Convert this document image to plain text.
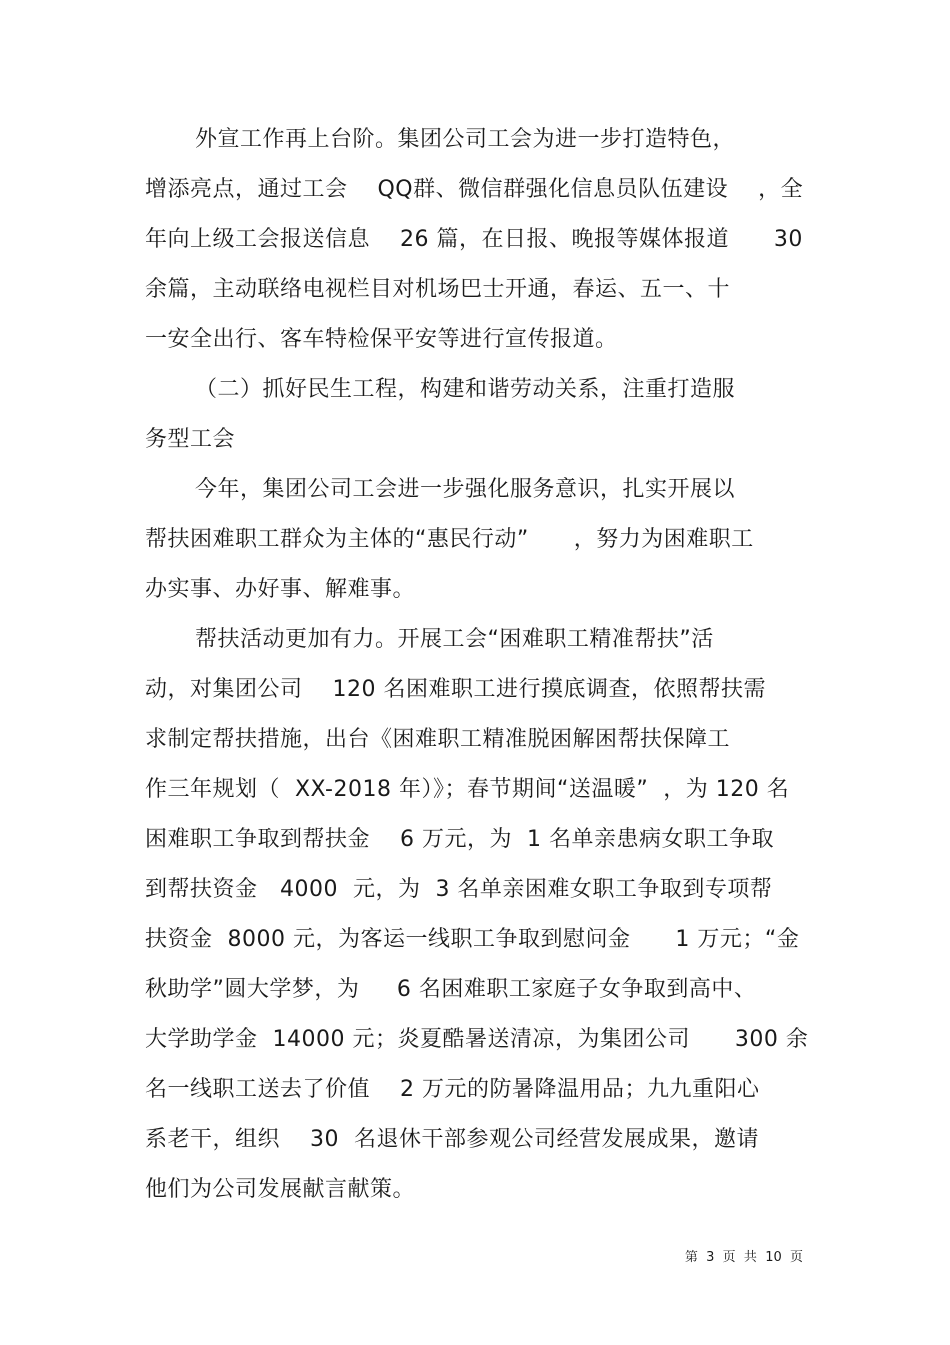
外宣工作再上台阶。集团公司工会为进一步打造特色，
增添亮点，通过工会    QQ群、微信群强化信息员队伍建设    ，全
年向上级工会报送信息    26 篇，在日报、晚报等媒体报道      30
余篇，主动联络电视栏目对机场巴士开通，春运、五一、十
一安全出行、客车特检保平安等进行宣传报道。
（二）抓好民生工程，构建和谐劳动关系，注重打造服
务型工会
今年，集团公司工会进一步强化服务意识，扎实开展以
帮扶困难职工群众为主体的“惠民行动”      ，努力为困难职工
办实事、办好事、解难事。
帮扶活动更加有力。开展工会“困难职工精准帮扶”活
动，对集团公司    120 名困难职工进行摸底调查，依照帮扶需
求制定帮扶措施，出台《困难职工精准脱困解困帮扶保障工
作三年规划（  XX-2018 年）》；春节期间“送温暖”  ，为 120 名
困难职工争取到帮扶金    6 万元，为  1 名单亲患病女职工争取
到帮扶资金   4000  元，为  3 名单亲困难女职工争取到专项帮
扶资金  8000 元，为客运一线职工争取到慰问金      1 万元；“金
秋助学”圆大学梦，为     6 名困难职工家庭子女争取到高中、
大学助学金  14000 元；炎夏酷暑送清凉，为集团公司      300 余
名一线职工送去了价值    2 万元的防暑降温用品；九九重阳心
系老干，组织    30  名退休干部参观公司经营发展成果，邀请
他们为公司发展献言献策。
第  3  页  共  10  页
